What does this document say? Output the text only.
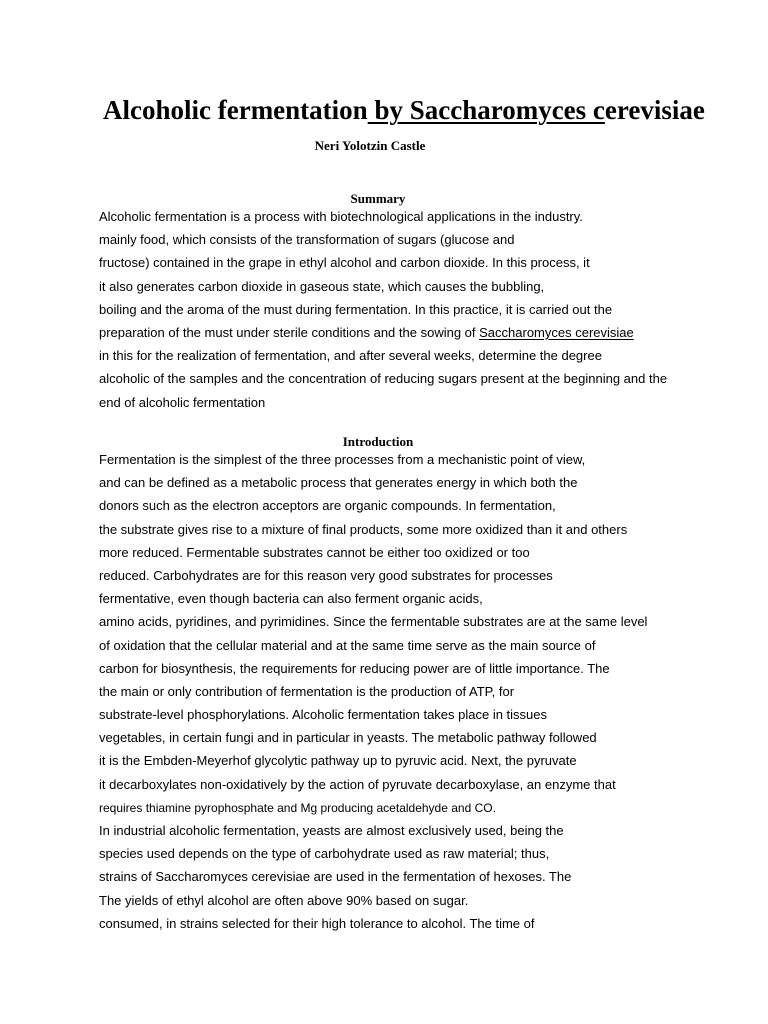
Alcoholic fermentation by Saccharomyces cerevisiae
Neri Yolotzin Castle
Summary
Alcoholic fermentation is a process with biotechnological applications in the industry.
mainly food, which consists of the transformation of sugars (glucose and
fructose) contained in the grape in ethyl alcohol and carbon dioxide. In this process, it
it also generates carbon dioxide in gaseous state, which causes the bubbling,
boiling and the aroma of the must during fermentation. In this practice, it is carried out the
preparation of the must under sterile conditions and the sowing of Saccharomyces cerevisiae
in this for the realization of fermentation, and after several weeks, determine the degree
alcoholic of the samples and the concentration of reducing sugars present at the beginning and the
end of alcoholic fermentation
Introduction
Fermentation is the simplest of the three processes from a mechanistic point of view,
and can be defined as a metabolic process that generates energy in which both the
donors such as the electron acceptors are organic compounds. In fermentation,
the substrate gives rise to a mixture of final products, some more oxidized than it and others
more reduced. Fermentable substrates cannot be either too oxidized or too
reduced. Carbohydrates are for this reason very good substrates for processes
fermentative, even though bacteria can also ferment organic acids,
amino acids, pyridines, and pyrimidines. Since the fermentable substrates are at the same level
of oxidation that the cellular material and at the same time serve as the main source of
carbon for biosynthesis, the requirements for reducing power are of little importance. The
the main or only contribution of fermentation is the production of ATP, for
substrate-level phosphorylations. Alcoholic fermentation takes place in tissues
vegetables, in certain fungi and in particular in yeasts. The metabolic pathway followed
it is the Embden-Meyerhof glycolytic pathway up to pyruvic acid. Next, the pyruvate
it decarboxylates non-oxidatively by the action of pyruvate decarboxylase, an enzyme that
requires thiamine pyrophosphate and Mg producing acetaldehyde and CO.
In industrial alcoholic fermentation, yeasts are almost exclusively used, being the
species used depends on the type of carbohydrate used as raw material; thus,
strains of Saccharomyces cerevisiae are used in the fermentation of hexoses. The
The yields of ethyl alcohol are often above 90% based on sugar.
consumed, in strains selected for their high tolerance to alcohol. The time of
